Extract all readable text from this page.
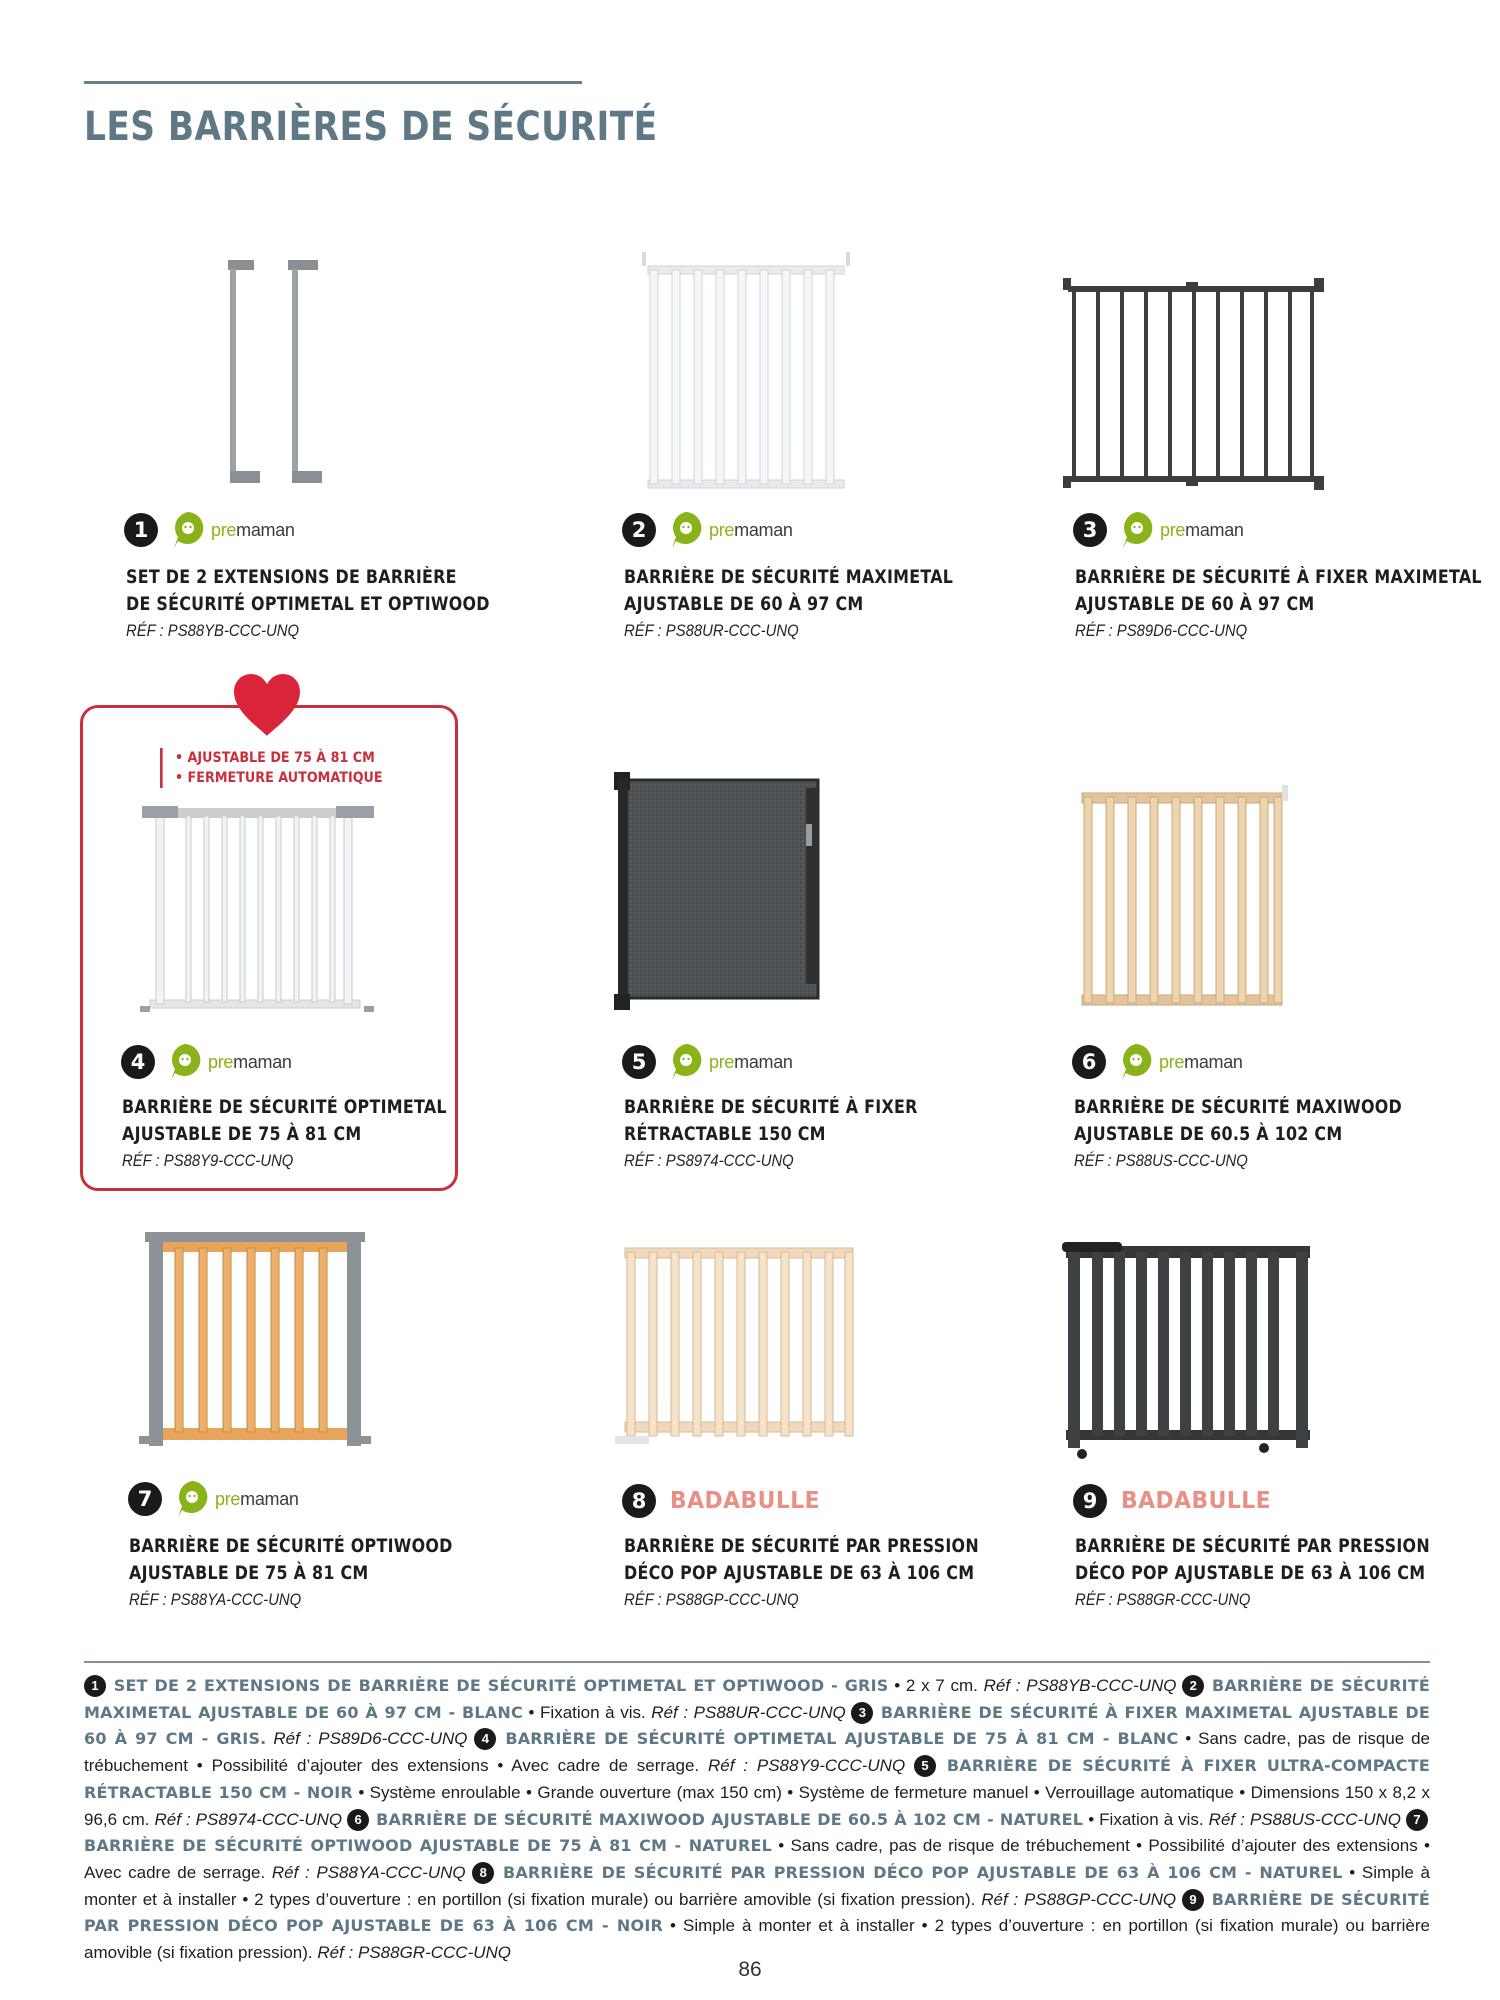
LES BARRIÈRES DE SÉCURITÉ
• AJUSTABLE DE 75 À 81 CM
• FERMETURE AUTOMATIQUE
1	premaman
SET DE 2 EXTENSIONS DE BARRIÈRE
DE SÉCURITÉ OPTIMETAL ET OPTIWOOD
RÉF : PS88YB-CCC-UNQ
2	premaman
BARRIÈRE DE SÉCURITÉ MAXIMETAL
AJUSTABLE DE 60 À 97 CM
RÉF : PS88UR-CCC-UNQ
3	premaman
BARRIÈRE DE SÉCURITÉ À FIXER MAXIMETAL
AJUSTABLE DE 60 À 97 CM
RÉF : PS89D6-CCC-UNQ
4	premaman
BARRIÈRE DE SÉCURITÉ OPTIMETAL
AJUSTABLE DE 75 À 81 CM
RÉF : PS88Y9-CCC-UNQ
5	premaman
BARRIÈRE DE SÉCURITÉ À FIXER
RÉTRACTABLE 150 CM
RÉF : PS8974-CCC-UNQ
6	premaman
BARRIÈRE DE SÉCURITÉ MAXIWOOD
AJUSTABLE DE 60.5 À 102 CM
RÉF : PS88US-CCC-UNQ
7	premaman
BARRIÈRE DE SÉCURITÉ OPTIWOOD
AJUSTABLE DE 75 À 81 CM
RÉF : PS88YA-CCC-UNQ
8	BADABULLE
BARRIÈRE DE SÉCURITÉ PAR PRESSION
DÉCO POP AJUSTABLE DE 63 À 106 CM
RÉF : PS88GP-CCC-UNQ
9	BADABULLE
BARRIÈRE DE SÉCURITÉ PAR PRESSION
DÉCO POP AJUSTABLE DE 63 À 106 CM
RÉF : PS88GR-CCC-UNQ
1 SET DE 2 EXTENSIONS DE BARRIÈRE DE SÉCURITÉ OPTIMETAL ET OPTIWOOD - GRIS • 2 x 7 cm. Réf : PS88YB-CCC-UNQ 2 BARRIÈRE DE SÉCURITÉ MAXIMETAL AJUSTABLE DE 60 À 97 CM - BLANC • Fixation à vis. Réf : PS88UR-CCC-UNQ 3 BARRIÈRE DE SÉCURITÉ À FIXER MAXIMETAL AJUSTABLE DE 60 À 97 CM - GRIS. Réf : PS89D6-CCC-UNQ 4 BARRIÈRE DE SÉCURITÉ OPTIMETAL AJUSTABLE DE 75 À 81 CM - BLANC • Sans cadre, pas de risque de trébuchement • Possibilité d’ajouter des extensions • Avec cadre de serrage. Réf : PS88Y9-CCC-UNQ 5 BARRIÈRE DE SÉCURITÉ À FIXER ULTRA-COMPACTE RÉTRACTABLE 150 CM - NOIR • Système enroulable • Grande ouverture (max 150 cm) • Système de fermeture manuel • Verrouillage automatique • Dimensions 150 x 8,2 x 96,6 cm. Réf : PS8974-CCC-UNQ 6 BARRIÈRE DE SÉCURITÉ MAXIWOOD AJUSTABLE DE 60.5 À 102 CM - NATUREL • Fixation à vis. Réf : PS88US-CCC-UNQ 7 BARRIÈRE DE SÉCURITÉ OPTIWOOD AJUSTABLE DE 75 À 81 CM - NATUREL • Sans cadre, pas de risque de trébuchement • Possibilité d’ajouter des extensions • Avec cadre de serrage. Réf : PS88YA-CCC-UNQ 8 BARRIÈRE DE SÉCURITÉ PAR PRESSION DÉCO POP AJUSTABLE DE 63 À 106 CM - NATUREL • Simple à monter et à installer • 2 types d’ouverture : en portillon (si fixation murale) ou barrière amovible (si fixation pression). Réf : PS88GP-CCC-UNQ 9 BARRIÈRE DE SÉCURITÉ PAR PRESSION DÉCO POP AJUSTABLE DE 63 À 106 CM - NOIR • Simple à monter et à installer • 2 types d’ouverture : en portillon (si fixation murale) ou barrière amovible (si fixation pression). Réf : PS88GR-CCC-UNQ
86
